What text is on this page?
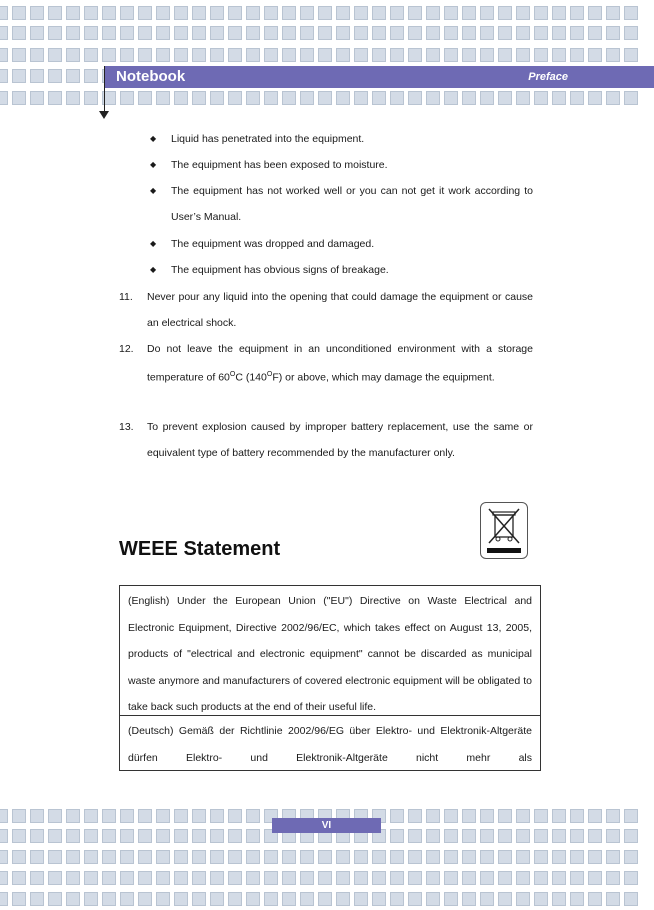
Notebook	Preface
◆ Liquid has penetrated into the equipment.
◆ The equipment has been exposed to moisture.
◆ The equipment has not worked well or you can not get it work according to User’s Manual.
◆ The equipment was dropped and damaged.
◆ The equipment has obvious signs of breakage.
11. Never pour any liquid into the opening that could damage the equipment or cause an electrical shock.
12. Do not leave the equipment in an unconditioned environment with a storage temperature of $60^OC$ $(140^OF)$ or above, which may damage the equipment.
13. To prevent explosion caused by improper battery replacement, use the same or equivalent type of battery recommended by the manufacturer only.
WEEE Statement
(English) Under the European Union ("EU") Directive on Waste Electrical and Electronic Equipment, Directive 2002/96/EC, which takes effect on August 13, 2005, products of "electrical and electronic equipment" cannot be discarded as municipal waste anymore and manufacturers of covered electronic equipment will be obligated to take back such products at the end of their useful life.
(Deutsch) Gemäß der Richtlinie 2002/96/EG über Elektro- und Elektronik-Altgeräte dürfen Elektro- und Elektronik-Altgeräte nicht mehr als
VI
